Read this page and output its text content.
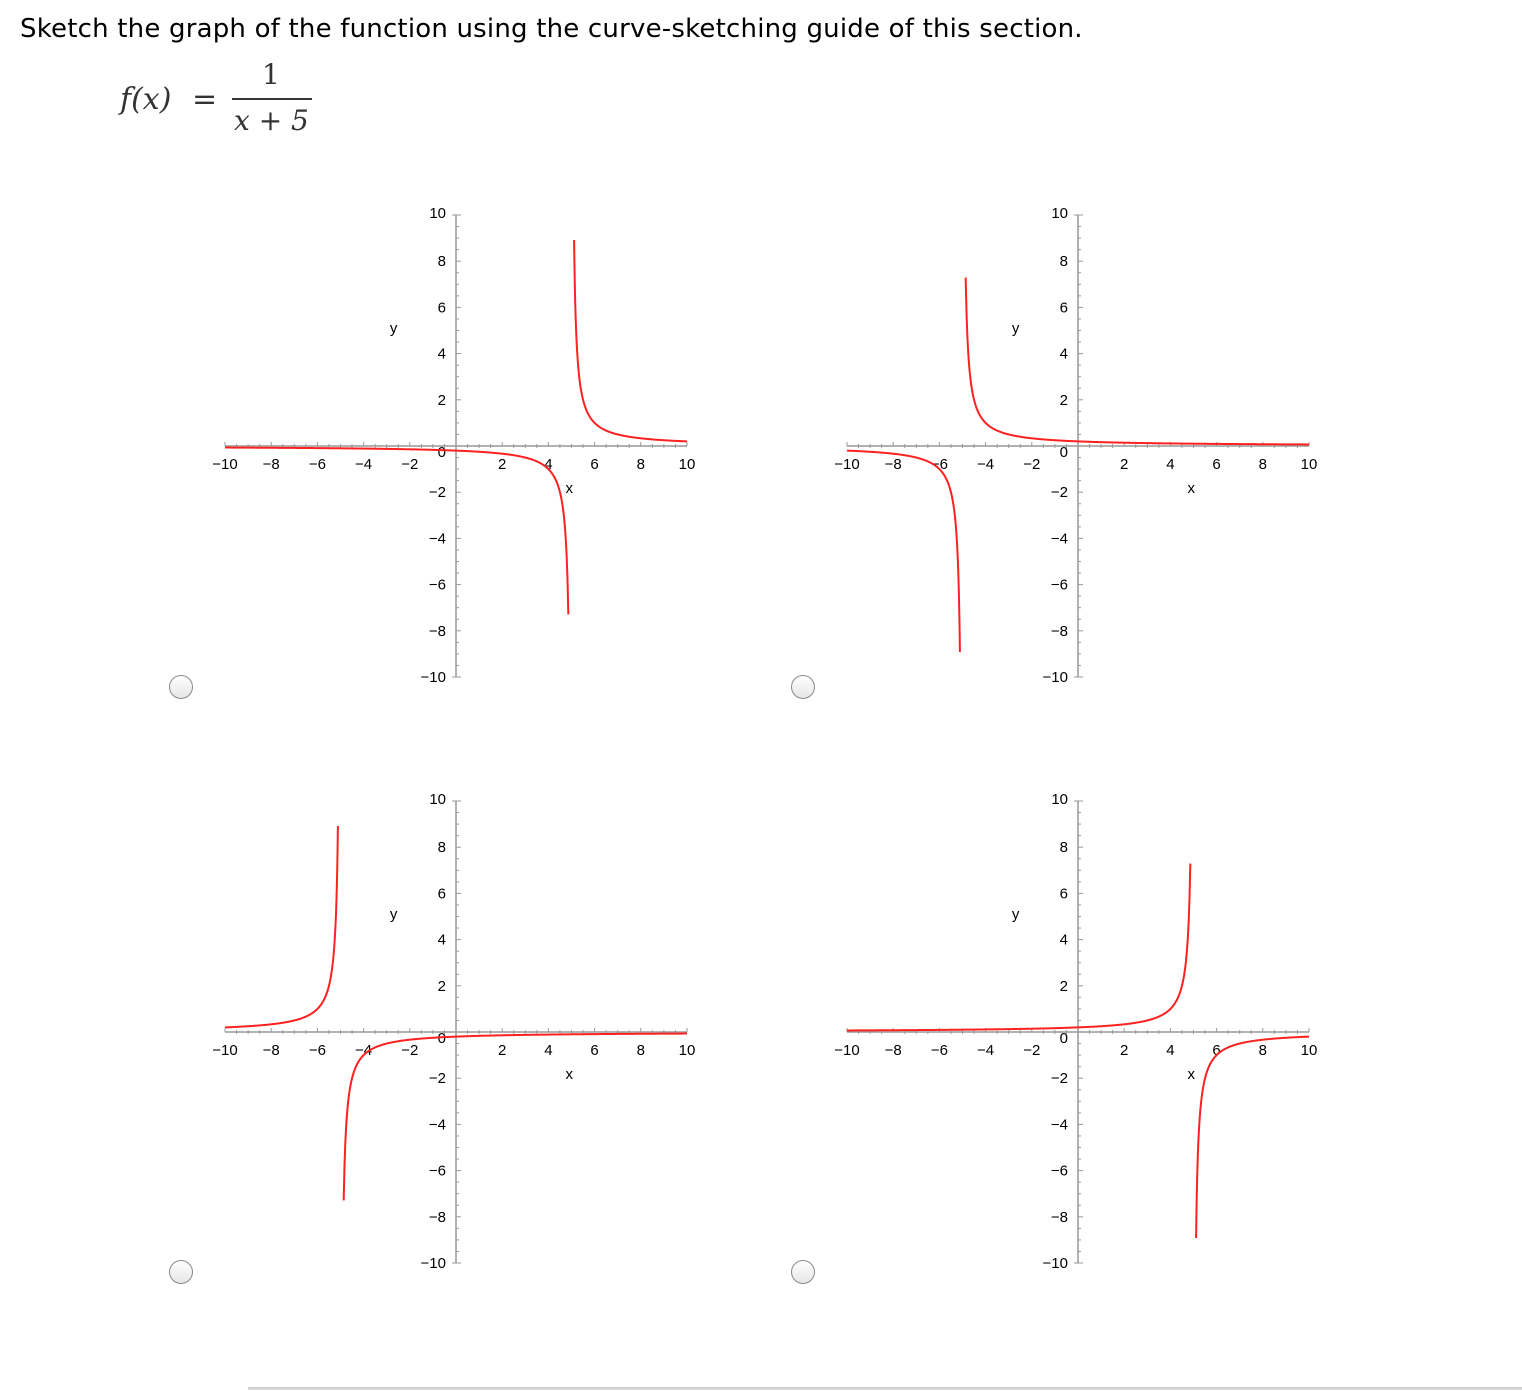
Sketch the graph of the function using the curve-sketching guide of this section.
f(x) =
1
x + 5
−10 −8 −6 −4 −2	2	4	6	8 10
10
8
6
4
2
0
−2
−4
−6
−8
−10
x
y
−10 −8 −6 −4 −2	2	4	6	8 10
10
8
6
4
2
0
−2
−4
−6
−8
−10
x
y
−10 −8 −6 −4 −2	2	4	6	8 10
10
8
6
4
2
0
−2
−4
−6
−8
−10
x
y
−10 −8 −6 −4 −2	2	4	6	8 10
10
8
6
4
2
0
−2
−4
−6
−8
−10
x
y
